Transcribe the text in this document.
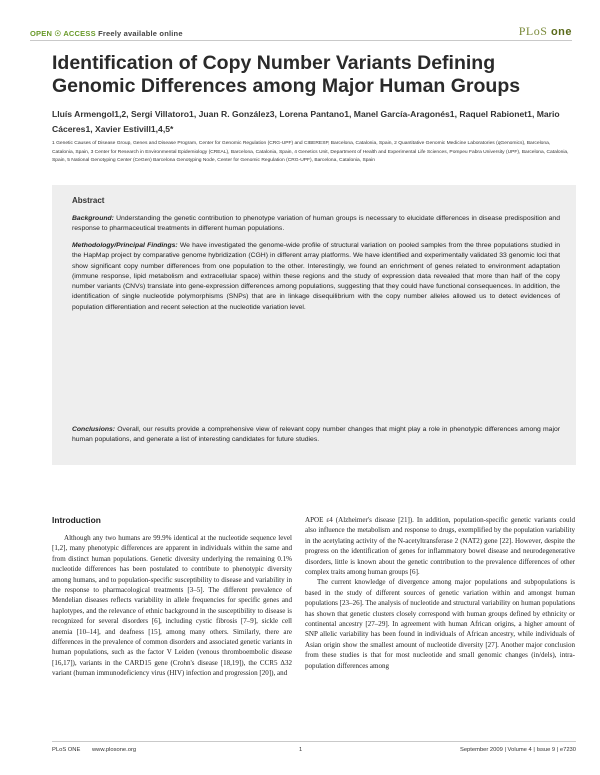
OPEN ☉ ACCESS Freely available online	PLoS one
Identification of Copy Number Variants Defining Genomic Differences among Major Human Groups
Lluís Armengol1,2, Sergi Villatoro1, Juan R. González3, Lorena Pantano1, Manel García-Aragonés1, Raquel Rabionet1, Mario Cáceres1, Xavier Estivill1,4,5*
1 Genetic Causes of Disease Group, Genes and Disease Program, Center for Genomic Regulation (CRG-UPF) and CIBERESP, Barcelona, Catalonia, Spain, 2 Quantitative Genomic Medicine Laboratories (qGenomics), Barcelona, Catalonia, Spain, 3 Center for Research in Environmental Epidemiology (CREAL), Barcelona, Catalonia, Spain, 4 Genetics Unit, Department of Health and Experimental Life Sciences, Pompeu Fabra University (UPF), Barcelona, Catalonia, Spain, 5 National Genotyping Center (CeGen) Barcelona Genotyping Node, Center for Genomic Regulation (CRG-UPF), Barcelona, Catalonia, Spain
Abstract
Background: Understanding the genetic contribution to phenotype variation of human groups is necessary to elucidate differences in disease predisposition and response to pharmaceutical treatments in different human populations.
Methodology/Principal Findings: We have investigated the genome-wide profile of structural variation on pooled samples from the three populations studied in the HapMap project by comparative genome hybridization (CGH) in different array platforms. We have identified and experimentally validated 33 genomic loci that show significant copy number differences from one population to the other. Interestingly, we found an enrichment of genes related to environment adaptation (immune response, lipid metabolism and extracellular space) within these regions and the study of expression data revealed that more than half of the copy number variants (CNVs) translate into gene-expression differences among populations, suggesting that they could have functional consequences. In addition, the identification of single nucleotide polymorphisms (SNPs) that are in linkage disequilibrium with the copy number alleles allowed us to detect evidences of population differentiation and recent selection at the nucleotide variation level.
Conclusions: Overall, our results provide a comprehensive view of relevant copy number changes that might play a role in phenotypic differences among major human populations, and generate a list of interesting candidates for future studies.
Introduction
Although any two humans are 99.9% identical at the nucleotide sequence level [1,2], many phenotypic differences are apparent in individuals within the same and from distinct human populations. Genetic diversity underlying the remaining 0.1% nucleotide differences has been postulated to contribute to phenotypic diversity among humans, and to population-specific susceptibility to disease and variability in the response to pharmacological treatments [3–5]. The different prevalence of Mendelian diseases reflects variability in allele frequencies for specific genes and haplotypes, and the relevance of ethnic background in the susceptibility to disease is recognized for several disorders [6], including cystic fibrosis [7–9], sickle cell anemia [10–14], and deafness [15], among many others. Similarly, there are differences in the prevalence of common disorders and associated genetic variants in human populations, such as the factor V Leiden (venous thromboembolic disease [16,17]), variants in the CARD15 gene (Crohn's disease [18,19]), the CCR5 Δ32 variant (human immunodeficiency virus (HIV) infection and progression [20]), and
APOE ε4 (Alzheimer's disease [21]). In addition, population-specific genetic variants could also influence the metabolism and response to drugs, exemplified by the population variability in the acetylating activity of the N-acetyltransferase 2 (NAT2) gene [22]. However, despite the progress on the identification of genes for inflammatory bowel disease and neurodegenerative disorders, little is known about the genetic contribution to the prevalence differences of other complex traits among human groups [6].
The current knowledge of divergence among major populations and subpopulations is based in the study of different sources of genetic variation within and amongst human populations [23–26]. The analysis of nucleotide and structural variability on human populations has shown that genetic clusters closely correspond with human groups defined by ethnicity or continental ancestry [27–29]. In agreement with human African origins, a higher amount of SNP allelic variability has been found in individuals of African ancestry, while individuals of Asian origin show the smallest amount of nucleotide diversity [27]. Another major conclusion from these studies is that for most nucleotide and small genomic changes (in/dels), intra-population differences among
PLoS ONE www.plosone.org	1	September 2009 | Volume 4 | Issue 9 | e7230
